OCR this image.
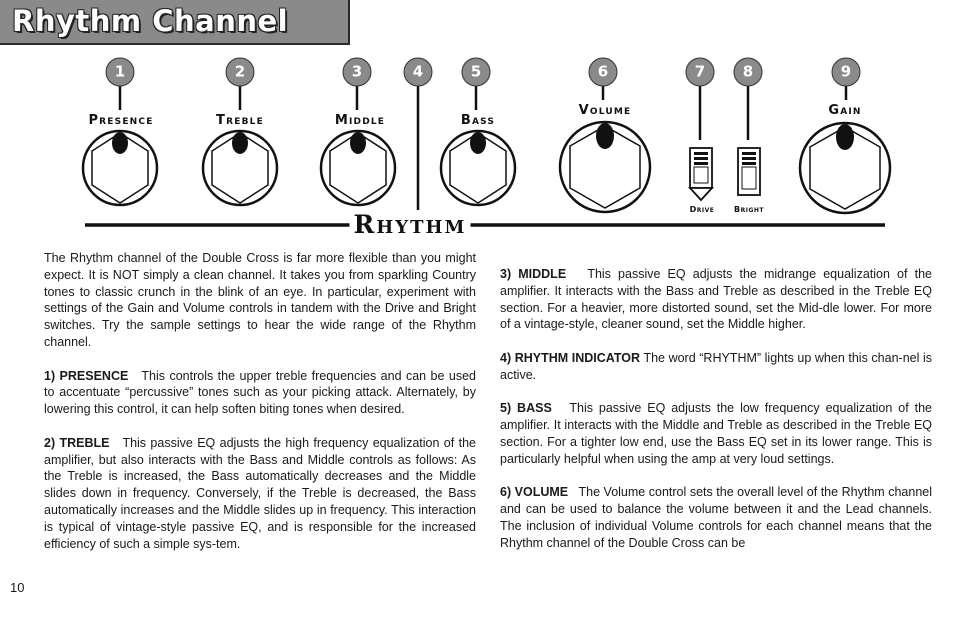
Rhythm Channel
1	2	3	4	5	6	7	8	9
Presence	Treble	Middle	Bass
Volume	Gain
Drive Bright
Rhythm

The Rhythm channel of the Double Cross is far more flexible than you might expect. It is NOT simply a clean channel. It takes you from sparkling Country tones to classic crunch in the blink of an eye. In particular, experiment with settings of the Gain and Volume controls in tandem with the Drive and Bright switches. Try the sample settings to hear the wide range of the Rhythm channel.

1) PRESENCE This controls the upper treble frequencies and can be used to accentuate “percussive” tones such as your picking attack. Alternately, by lowering this control, it can help soften biting tones when desired.

2) TREBLE This passive EQ adjusts the high frequency equalization of the amplifier, but also interacts with the Bass and Middle controls as follows: As the Treble is increased, the Bass automatically decreases and the Middle slides down in frequency. Conversely, if the Treble is decreased, the Bass automatically increases and the Middle slides up in frequency. This interaction is typical of vintage-style passive EQ, and is responsible for the increased efficiency of such a simple sys-tem.

3) MIDDLE This passive EQ adjusts the midrange equalization of the amplifier. It interacts with the Bass and Treble as described in the Treble EQ section. For a heavier, more distorted sound, set the Mid-dle lower. For more of a vintage-style, cleaner sound, set the Middle higher.

4) RHYTHM INDICATOR The word “RHYTHM” lights up when this chan-nel is active.

5) BASS This passive EQ adjusts the low frequency equalization of the amplifier. It interacts with the Middle and Treble as described in the Treble EQ section. For a tighter low end, use the Bass EQ set in its lower range. This is particularly helpful when using the amp at very loud settings.

6) VOLUME The Volume control sets the overall level of the Rhythm channel and can be used to balance the volume between it and the Lead channels. The inclusion of individual Volume controls for each channel means that the Rhythm channel of the Double Cross can be

10
